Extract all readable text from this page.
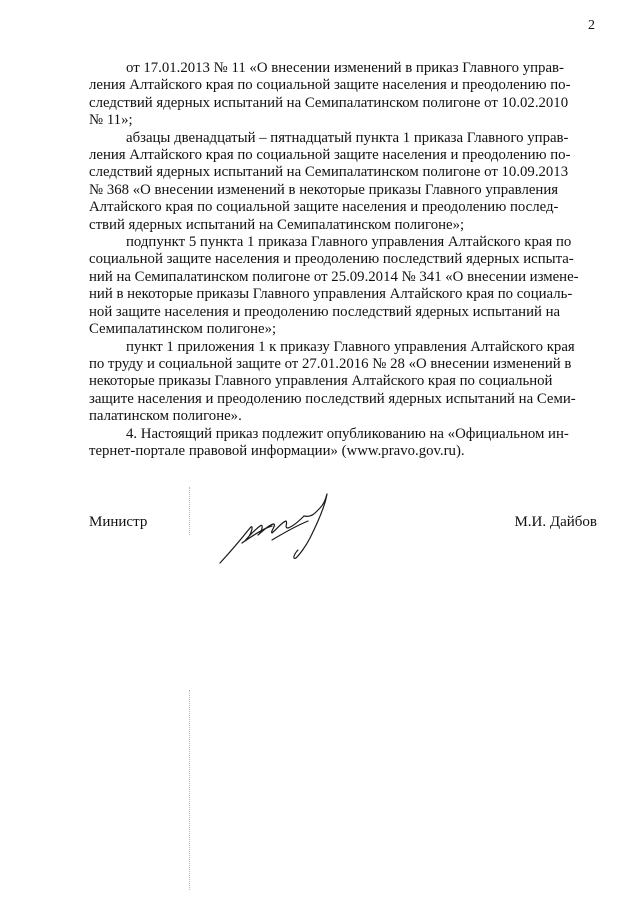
2

от 17.01.2013 № 11 «О внесении изменений в приказ Главного управ-
ления Алтайского края по социальной защите населения и преодолению по-
следствий ядерных испытаний на Семипалатинском полигоне от 10.02.2010
№ 11»;

абзацы двенадцатый – пятнадцатый пункта 1 приказа Главного управ-
ления Алтайского края по социальной защите населения и преодолению по-
следствий ядерных испытаний на Семипалатинском полигоне от 10.09.2013
№ 368 «О внесении изменений в некоторые приказы Главного управления
Алтайского края по социальной защите населения и преодолению послед-
ствий ядерных испытаний на Семипалатинском полигоне»;

подпункт 5 пункта 1 приказа Главного управления Алтайского края по
социальной защите населения и преодолению последствий ядерных испыта-
ний на Семипалатинском полигоне от 25.09.2014 № 341 «О внесении измене-
ний в некоторые приказы Главного управления Алтайского края по социаль-
ной защите населения и преодолению последствий ядерных испытаний на
Семипалатинском полигоне»;

пункт 1 приложения 1 к приказу Главного управления Алтайского края
по труду и социальной защите от 27.01.2016 № 28 «О внесении изменений в
некоторые приказы Главного управления Алтайского края по социальной
защите населения и преодолению последствий ядерных испытаний на Семи-
палатинском полигоне».

4. Настоящий приказ подлежит опубликованию на «Официальном ин-
тернет-портале правовой информации» (www.pravo.gov.ru).

Министр	М.И. Дайбов
